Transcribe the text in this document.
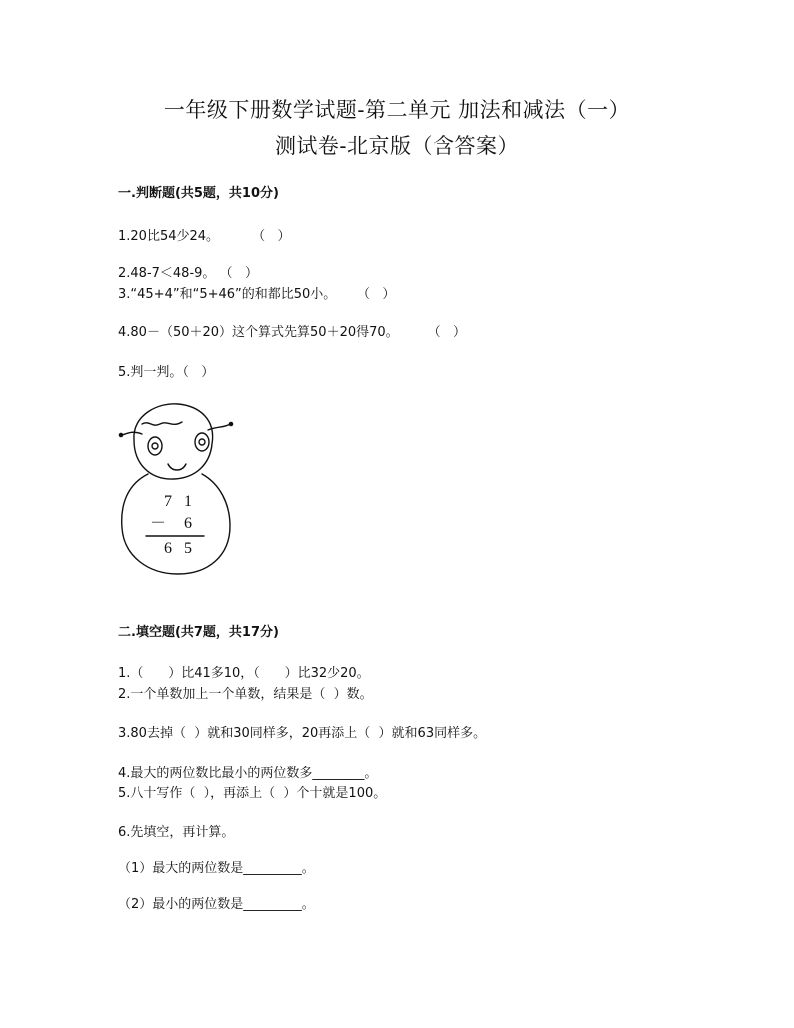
一年级下册数学试题-第二单元 加法和减法（一）
测试卷-北京版（含答案）
一.判断题(共5题，共10分)
1.20比54少24。        （   ）
2.48-7＜48-9。 （   ）
3.“45+4”和“5+46”的和都比50小。     （   ）
4.80－（50＋20）这个算式先算50＋20得70。       （   ）
5.判一判。（   ）
7 1
－ 6
6 5
二.填空题(共7题，共17分)
1.（      ）比41多10，（      ）比32少20。
2.一个单数加上一个单数，结果是（  ）数。
3.80去掉（  ）就和30同样多，20再添上（  ）就和63同样多。
4.最大的两位数比最小的两位数多________。
5.八十写作（  ），再添上（  ）个十就是100。
6.先填空，再计算。
（1）最大的两位数是_________。
（2）最小的两位数是_________。
